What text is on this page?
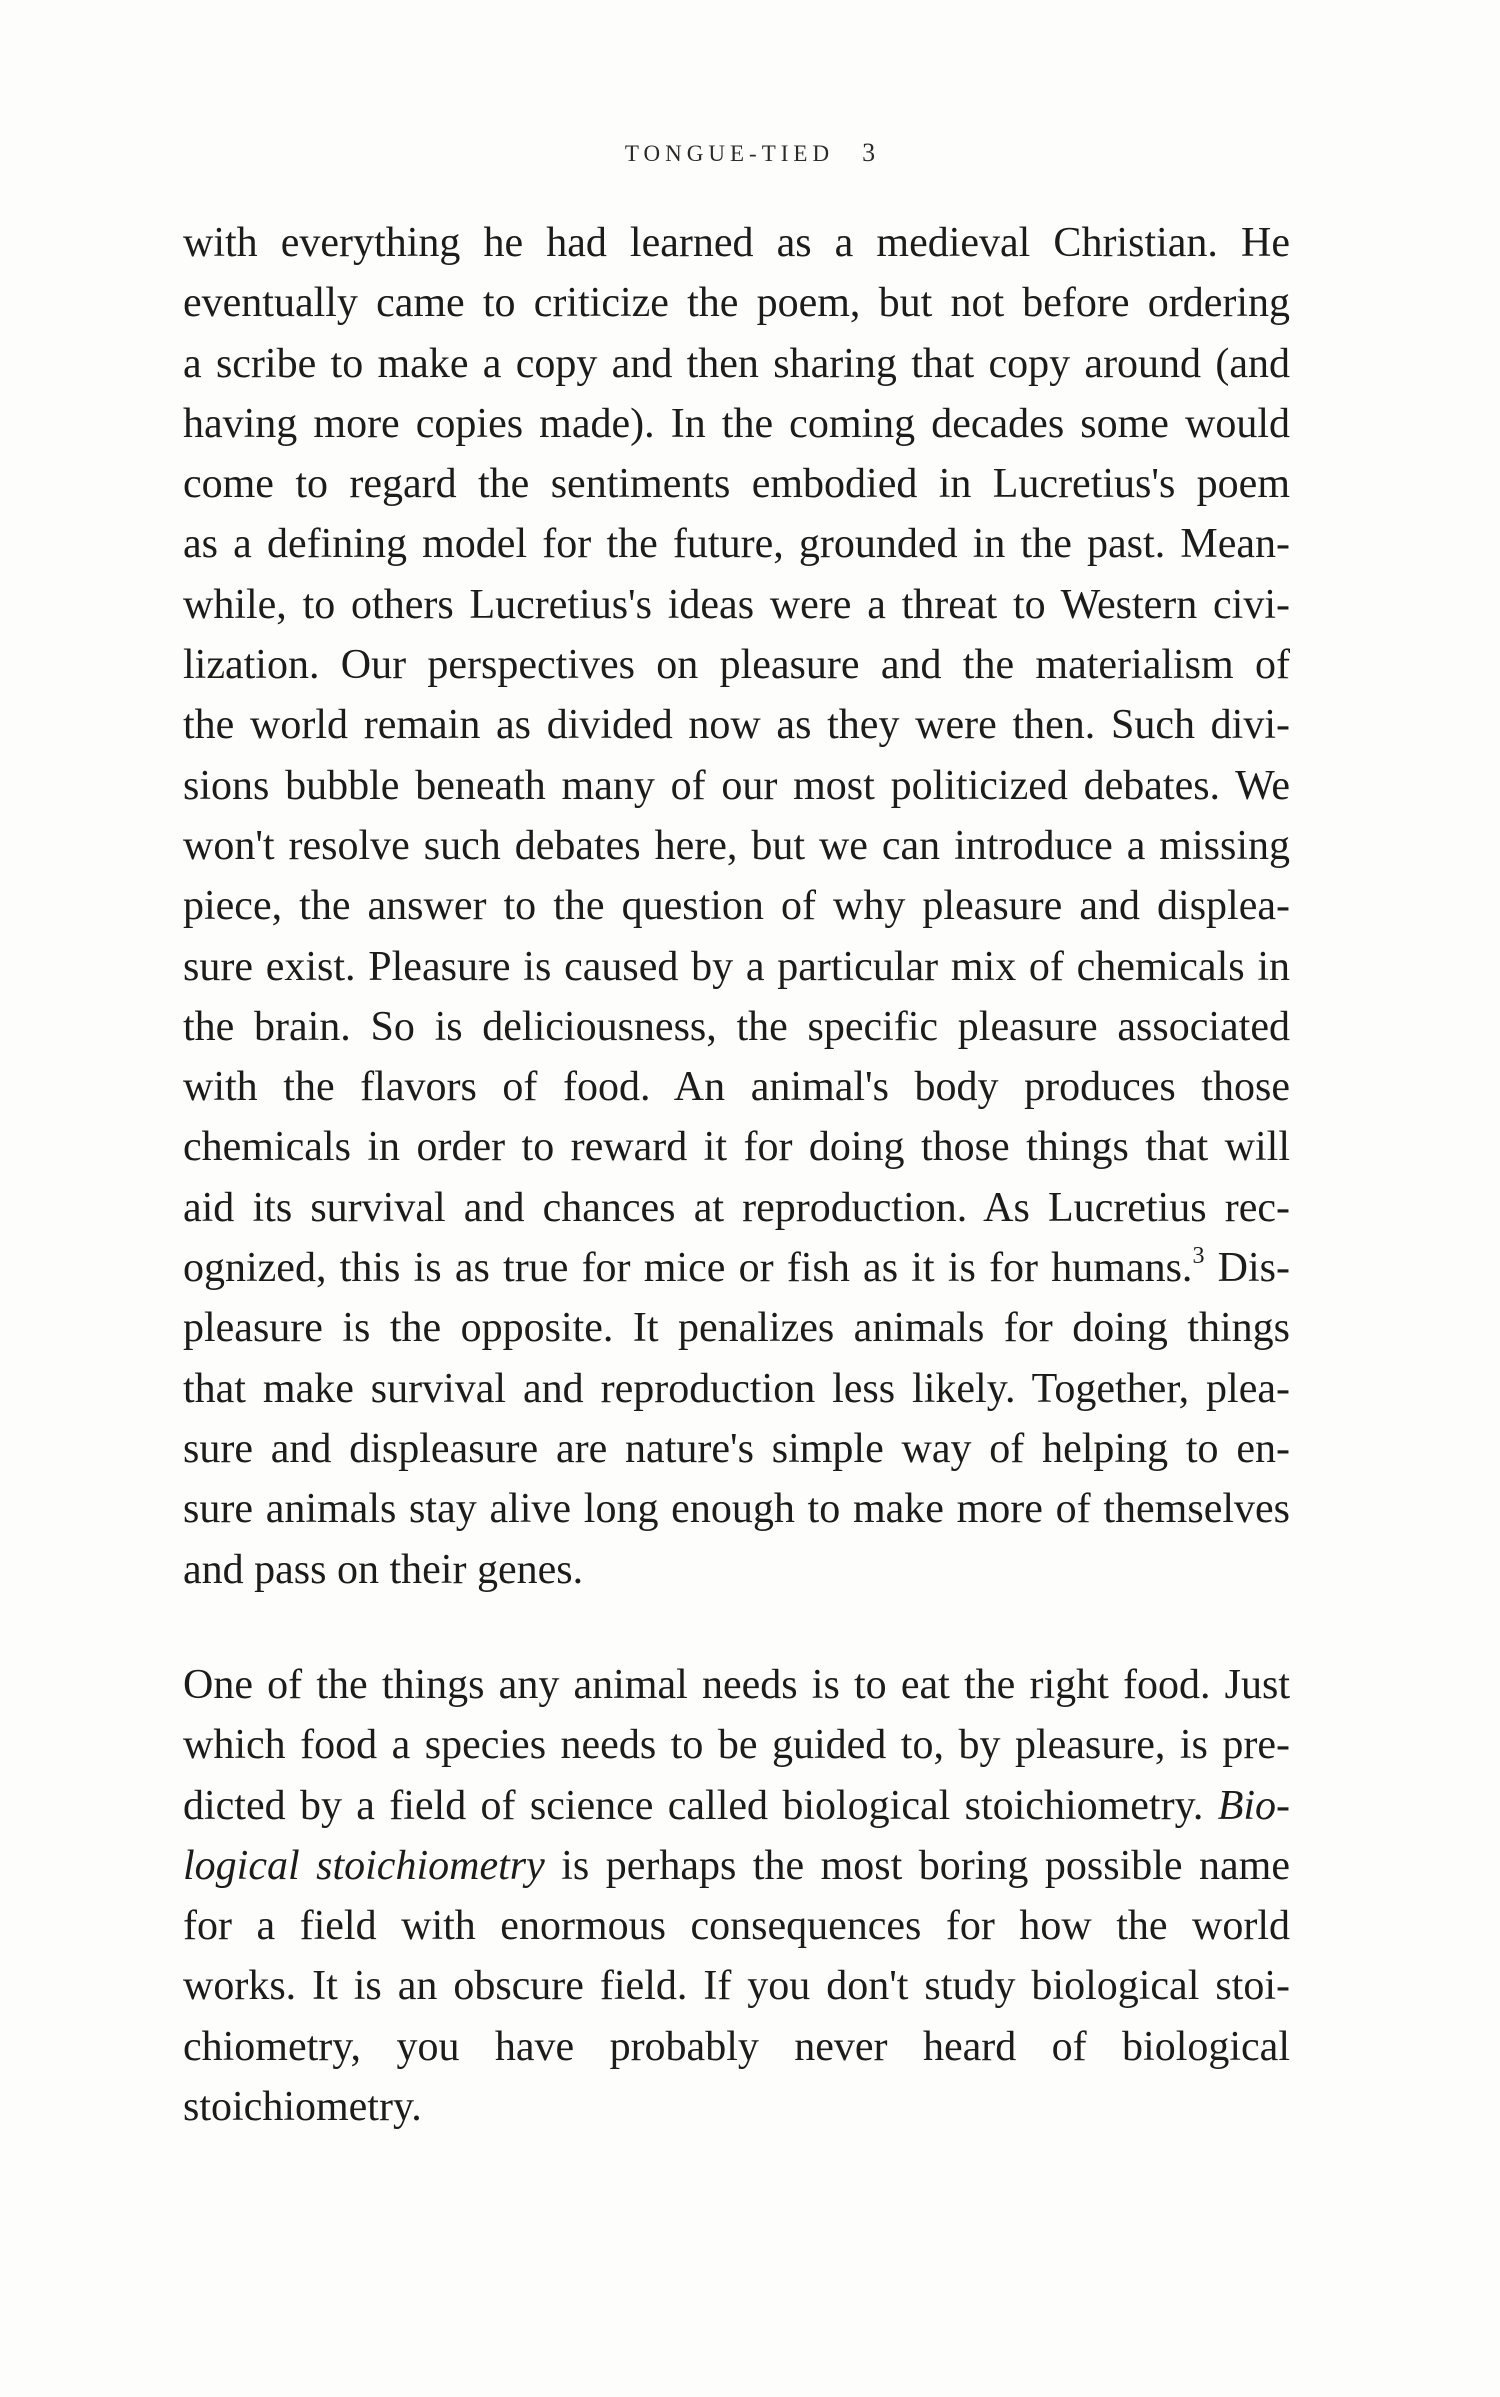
TONGUE-TIED 3
with everything he had learned as a medieval Christian. He
eventually came to criticize the poem, but not before ordering
a scribe to make a copy and then sharing that copy around (and
having more copies made). In the coming decades some would
come to regard the sentiments embodied in Lucretius's poem
as a defining model for the future, grounded in the past. Mean-
while, to others Lucretius's ideas were a threat to Western civi-
lization. Our perspectives on pleasure and the materialism of
the world remain as divided now as they were then. Such divi-
sions bubble beneath many of our most politicized debates. We
won't resolve such debates here, but we can introduce a missing
piece, the answer to the question of why pleasure and displea-
sure exist. Pleasure is caused by a particular mix of chemicals in
the brain. So is deliciousness, the specific pleasure associated
with the flavors of food. An animal's body produces those
chemicals in order to reward it for doing those things that will
aid its survival and chances at reproduction. As Lucretius rec-
ognized, this is as true for mice or fish as it is for humans.$^3$ Dis-
pleasure is the opposite. It penalizes animals for doing things
that make survival and reproduction less likely. Together, plea-
sure and displeasure are nature's simple way of helping to en-
sure animals stay alive long enough to make more of themselves
and pass on their genes.
One of the things any animal needs is to eat the right food. Just
which food a species needs to be guided to, by pleasure, is pre-
dicted by a field of science called biological stoichiometry. Bio-
logical stoichiometry is perhaps the most boring possible name
for a field with enormous consequences for how the world
works. It is an obscure field. If you don't study biological stoi-
chiometry, you have probably never heard of biological
stoichiometry.
